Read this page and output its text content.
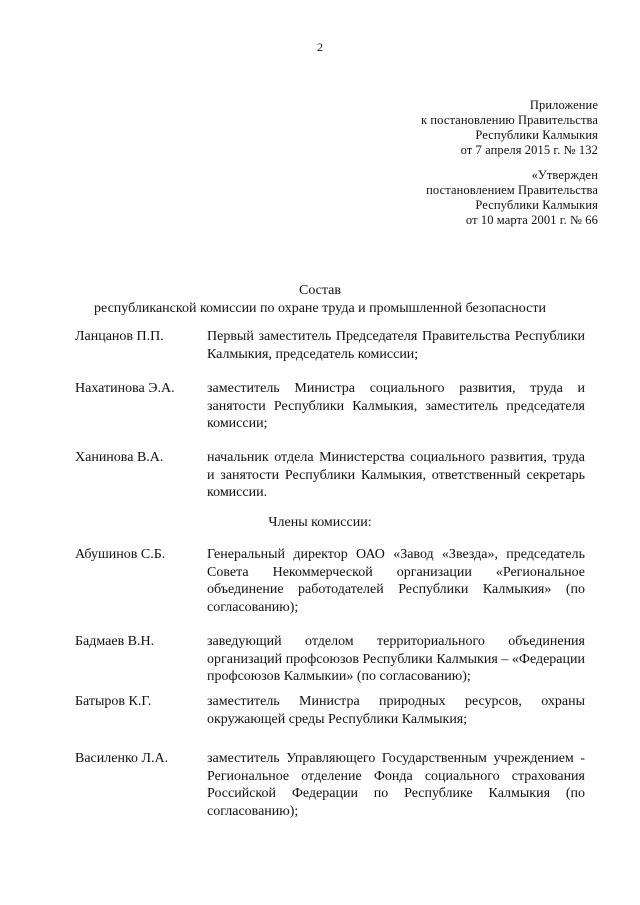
2
Приложение
к постановлению Правительства
Республики Калмыкия
от 7 апреля 2015 г. № 132
«Утвержден
постановлением Правительства
Республики Калмыкия
от 10 марта 2001 г. № 66
Состав
республиканской комиссии по охране труда и промышленной безопасности
Члены комиссии:
Ланцанов П.П.	Первый заместитель Председателя Правительства Республики Калмыкия, председатель комиссии;
Нахатинова Э.А.	заместитель Министра социального развития, труда и занятости Республики Калмыкия, заместитель председателя комиссии;
Ханинова В.А.	начальник отдела Министерства социального развития, труда и занятости Республики Калмыкия, ответственный секретарь комиссии.
Абушинов С.Б.	Генеральный директор ОАО «Завод «Звезда», председатель Совета Некоммерческой организации «Региональное объединение работодателей Республики Калмыкия» (по согласованию);
Бадмаев В.Н.	заведующий отделом территориального объединения организаций профсоюзов Республики Калмыкия – «Федерации профсоюзов Калмыкии» (по согласованию);
Батыров К.Г.	заместитель Министра природных ресурсов, охраны окружающей среды Республики Калмыкия;
Василенко Л.А.	заместитель Управляющего Государственным учреждением - Региональное отделение Фонда социального страхования Российской Федерации по Республике Калмыкия (по согласованию);
